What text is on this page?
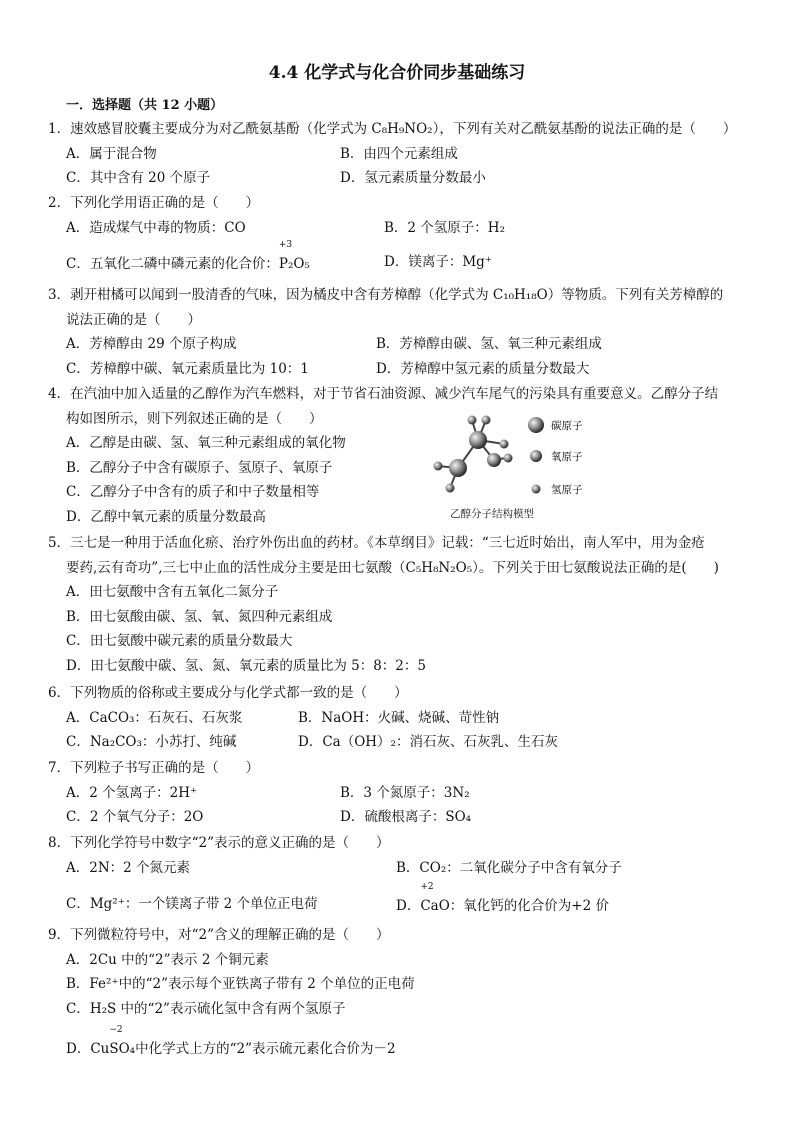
4.4 化学式与化合价同步基础练习
一．选择题（共 12 小题）
1．速效感冒胶囊主要成分为对乙酰氨基酚（化学式为 C₈H₉NO₂），下列有关对乙酰氨基酚的说法正确的是（　　）
A．属于混合物	B．由四个元素组成
C．其中含有 20 个原子	D．氢元素质量分数最小
2．下列化学用语正确的是（　　）
A．造成煤气中毒的物质：CO	B．2 个氢原子：H₂
C．五氧化二磷中磷元素的化合价：
+3
P₂O₅	D．镁离子：Mg⁺
3．剥开柑橘可以闻到一股清香的气味，因为橘皮中含有芳樟醇（化学式为 C₁₀H₁₈O）等物质。下列有关芳樟醇的
说法正确的是（　　）
A．芳樟醇由 29 个原子构成	B．芳樟醇由碳、氢、氧三种元素组成
C．芳樟醇中碳、氧元素质量比为 10：1	D．芳樟醇中氢元素的质量分数最大
4．在汽油中加入适量的乙醇作为汽车燃料，对于节省石油资源、减少汽车尾气的污染具有重要意义。乙醇分子结
构如图所示，则下列叙述正确的是（　　）
A．乙醇是由碳、氢、氧三种元素组成的氧化物
B．乙醇分子中含有碳原子、氢原子、氧原子
C．乙醇分子中含有的质子和中子数量相等
D．乙醇中氧元素的质量分数最高
碳原子
氧原子
氢原子
乙醇分子结构模型
5．三七是一种用于活血化瘀、治疗外伤出血的药材。《本草纲目》记载：“三七近时始出，南人军中，用为金疮
要药,云有奇功”,三七中止血的活性成分主要是田七氨酸（C₅H₈N₂O₅）。下列关于田七氨酸说法正确的是(　　)
A．田七氨酸中含有五氧化二氮分子
B．田七氨酸由碳、氢、氧、氮四种元素组成
C．田七氨酸中碳元素的质量分数最大
D．田七氨酸中碳、氢、氮、氧元素的质量比为 5：8：2：5
6．下列物质的俗称或主要成分与化学式都一致的是（　　）
A．CaCO₃：石灰石、石灰浆	B．NaOH：火碱、烧碱、苛性钠
C．Na₂CO₃：小苏打、纯碱	D．Ca（OH）₂：消石灰、石灰乳、生石灰
7．下列粒子书写正确的是（　　）
A．2 个氢离子：2H⁺	B．3 个氮原子：3N₂
C．2 个氧气分子：2O	D．硫酸根离子：SO₄
8．下列化学符号中数字“2”表示的意义正确的是（　　）
A．2N：2 个氮元素	B．CO₂：二氧化碳分子中含有氧分子
C．Mg²⁺：一个镁离子带 2 个单位正电荷	D．
+2
CaO：氧化钙的化合价为+2 价
9．下列微粒符号中，对“2”含义的理解正确的是（　　）
A．2Cu 中的“2”表示 2 个铜元素
B．Fe²⁺中的“2”表示每个亚铁离子带有 2 个单位的正电荷
C．H₂S 中的“2”表示硫化氢中含有两个氢原子
D．Cu
−2
SO₄中化学式上方的“2”表示硫元素化合价为－2
